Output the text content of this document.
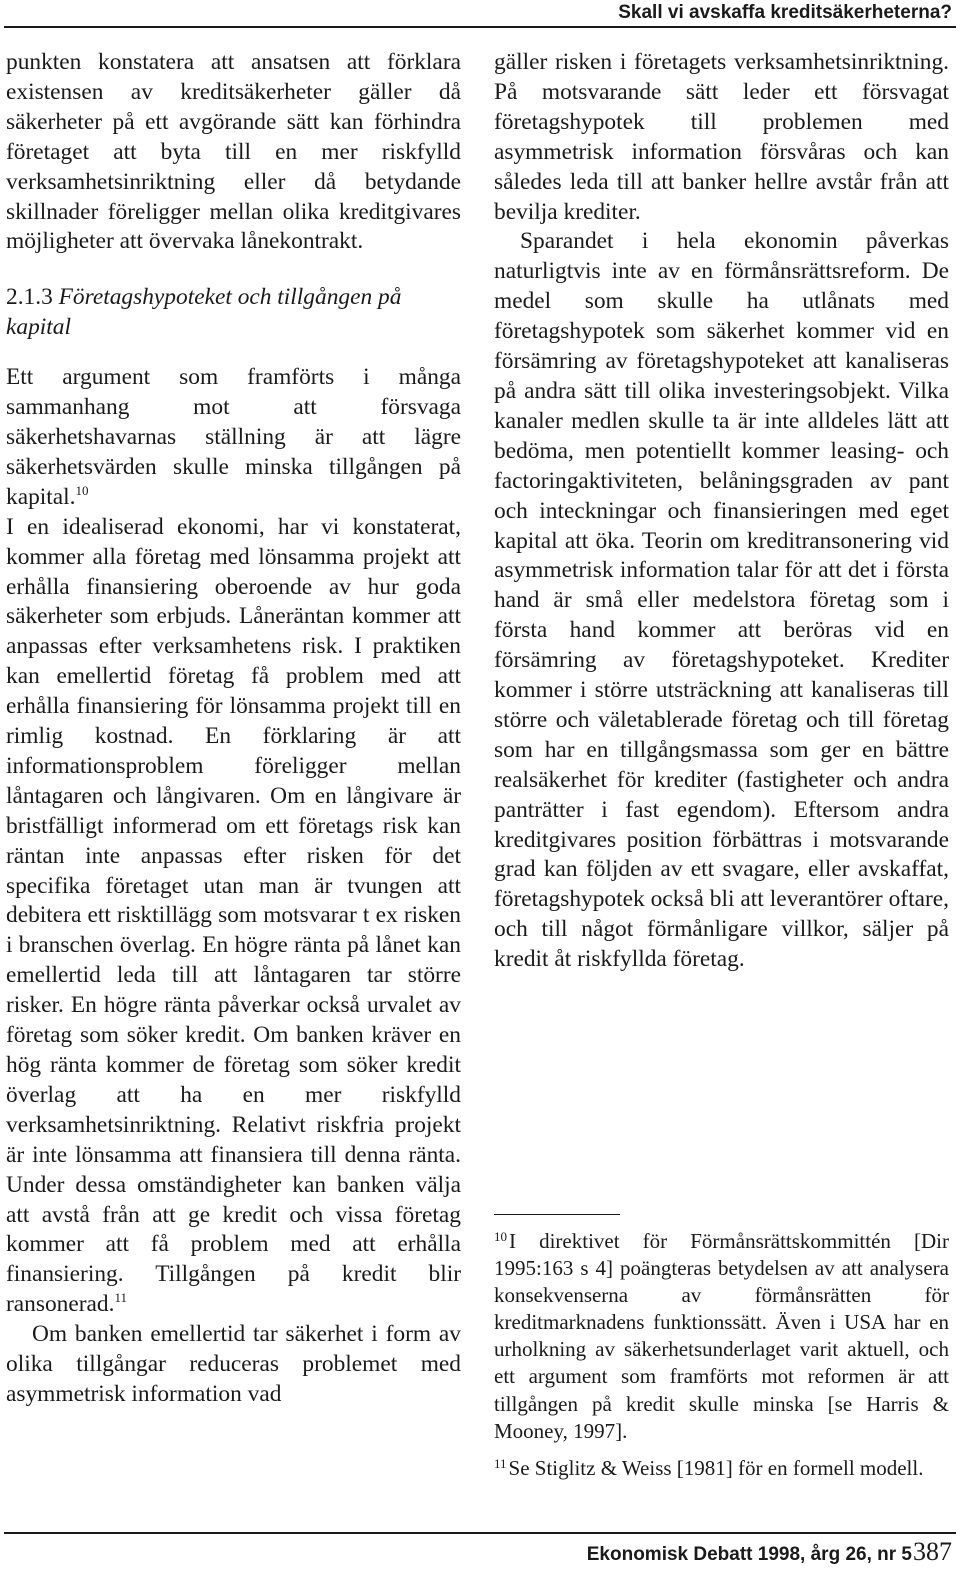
Skall vi avskaffa kreditsäkerheterna?

punkten konstatera att ansatsen att förklara existensen av kreditsäkerheter gäller då säkerheter på ett avgörande sätt kan förhindra företaget att byta till en mer riskfylld verksamhetsinriktning eller då betydande skillnader föreligger mellan olika kreditgivares möjligheter att övervaka lånekontrakt.

2.1.3 Företagshypoteket och tillgången på kapital

Ett argument som framförts i många sammanhang mot att försvaga säkerhetshavarnas ställning är att lägre säkerhetsvärden skulle minska tillgången på kapital.$^{10}$

I en idealiserad ekonomi, har vi konstaterat, kommer alla företag med lönsamma projekt att erhålla finansiering oberoende av hur goda säkerheter som erbjuds. Låneräntan kommer att anpassas efter verksamhetens risk. I praktiken kan emellertid företag få problem med att erhålla finansiering för lönsamma projekt till en rimlig kostnad. En förklaring är att informationsproblem föreligger mellan låntagaren och långivaren. Om en långivare är bristfälligt informerad om ett företags risk kan räntan inte anpassas efter risken för det specifika företaget utan man är tvungen att debitera ett risktillägg som motsvarar t ex risken i branschen överlag. En högre ränta på lånet kan emellertid leda till att låntagaren tar större risker. En högre ränta påverkar också urvalet av företag som söker kredit. Om banken kräver en hög ränta kommer de företag som söker kredit överlag att ha en mer riskfylld verksamhetsinriktning. Relativt riskfria projekt är inte lönsamma att finansiera till denna ränta. Under dessa omständigheter kan banken välja att avstå från att ge kredit och vissa företag kommer att få problem med att erhålla finansiering. Tillgången på kredit blir ransonerad.$^{11}$

Om banken emellertid tar säkerhet i form av olika tillgångar reduceras problemet med asymmetrisk information vad

gäller risken i företagets verksamhetsinriktning. På motsvarande sätt leder ett försvagat företagshypotek till problemen med asymmetrisk information försvåras och kan således leda till att banker hellre avstår från att bevilja krediter.

Sparandet i hela ekonomin påverkas naturligtvis inte av en förmånsrättsreform. De medel som skulle ha utlånats med företagshypotek som säkerhet kommer vid en försämring av företagshypoteket att kanaliseras på andra sätt till olika investeringsobjekt. Vilka kanaler medlen skulle ta är inte alldeles lätt att bedöma, men potentiellt kommer leasing- och factoringaktiviteten, belåningsgraden av pant och inteckningar och finansieringen med eget kapital att öka. Teorin om kreditransonering vid asymmetrisk information talar för att det i första hand är små eller medelstora företag som i första hand kommer att beröras vid en försämring av företagshypoteket. Krediter kommer i större utsträckning att kanaliseras till större och väletablerade företag och till företag som har en tillgångsmassa som ger en bättre realsäkerhet för krediter (fastigheter och andra panträtter i fast egendom). Eftersom andra kreditgivares position förbättras i motsvarande grad kan följden av ett svagare, eller avskaffat, företagshypotek också bli att leverantörer oftare, och till något förmånligare villkor, säljer på kredit åt riskfyllda företag.

$^{10}$I direktivet för Förmånsrättskommittén [Dir 1995:163 s 4] poängteras betydelsen av att analysera konsekvenserna av förmånsrätten för kreditmarknadens funktionssätt. Även i USA har en urholkning av säkerhetsunderlaget varit aktuell, och ett argument som framförts mot reformen är att tillgången på kredit skulle minska [se Harris & Mooney, 1997].

$^{11}$Se Stiglitz & Weiss [1981] för en formell modell.

Ekonomisk Debatt 1998, årg 26, nr 5 387
